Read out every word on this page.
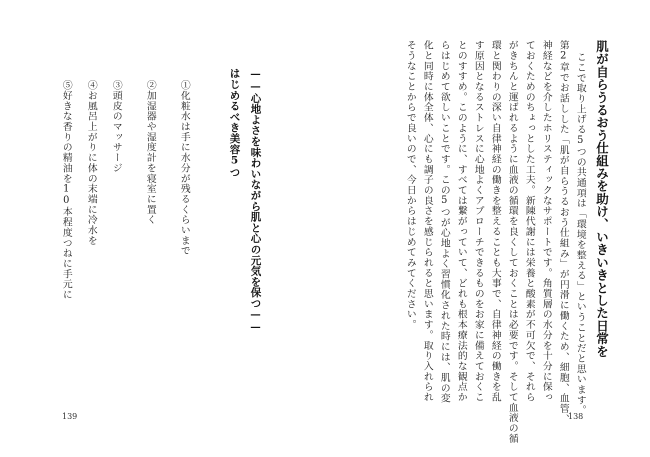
肌が自らうるおう仕組みを助け、いきいきとした日常を
ここで取り上げる5つの共通項は「環境を整える」ということだと思います。
第2章でお話しした「肌が自らうるおう仕組み」が円滑に働くため、細胞、血管、
神経などを介したホリスティックなサポートです。角質層の水分を十分に保っ
ておくためのちょっとした工夫。新陳代謝には栄養と酸素が不可欠で、それら
がきちんと運ばれるように血液の循環を良くしておくことは必要です。そして血液の循
環と関わりの深い自律神経の働きを整えることも大事で、自律神経の働きを乱
す原因となるストレスに心地よくアプローチできるものをお家に備えておくこ
とのすすめ。このように、すべては繋がっていて、どれも根本療法的な観点か
らはじめて欲しいことです。この5つが心地よく習慣化された時には、肌の変
化と同時に体全体、心にも調子の良さを感じられると思います。取り入れられ
そうなことからで良いので、今日からはじめてみてください。
138
——心地よさを味わいながら肌と心の元気を保つ——
はじめるべき美容5つ
①化粧水は手に水分が残るくらいまで
②加湿器や湿度計を寝室に置く
③頭皮のマッサージ
④お風呂上がりに体の末端に冷水を
⑤好きな香りの精油を10本程度つねに手元に
139
